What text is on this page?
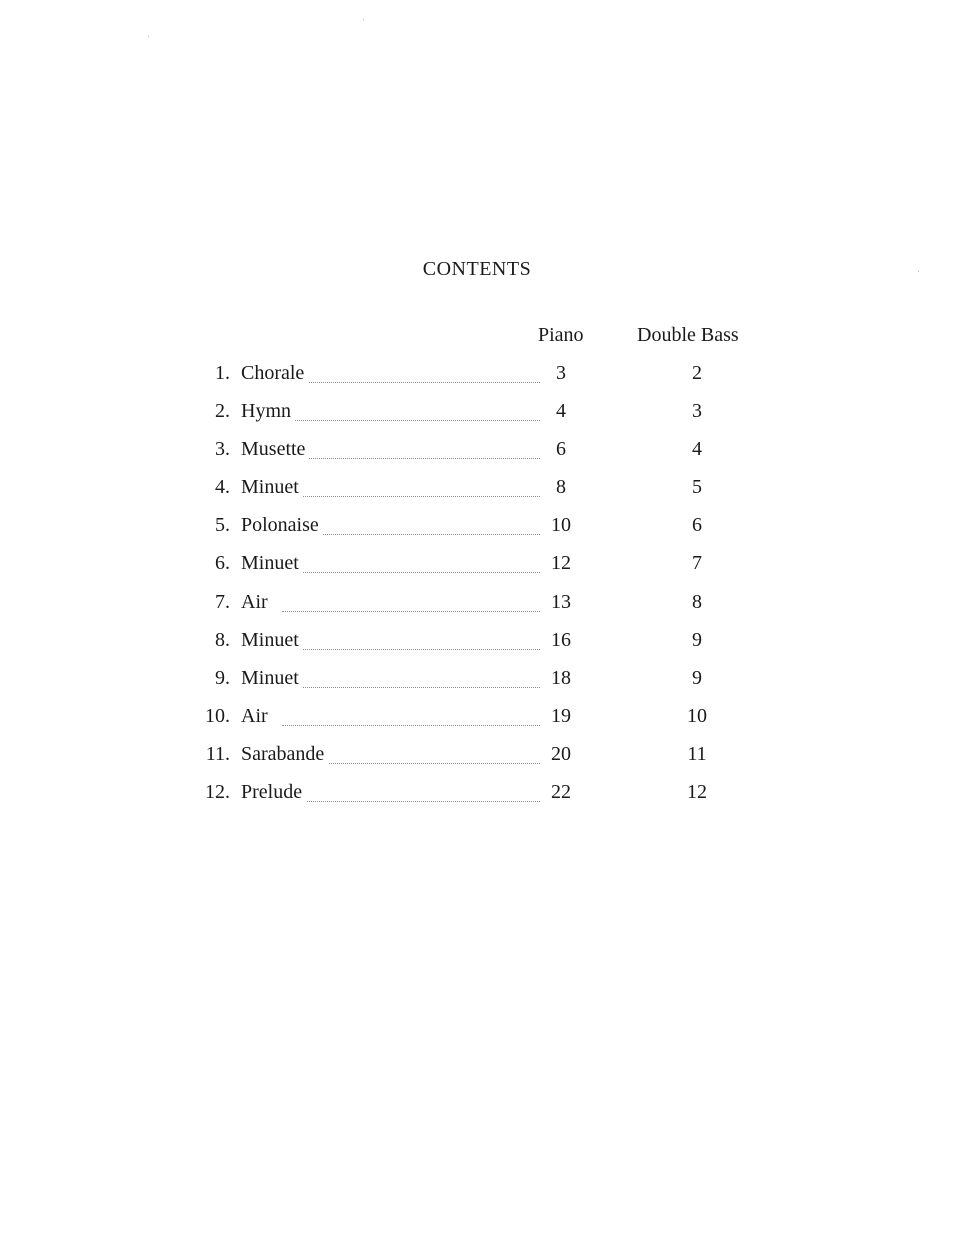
CONTENTS
Piano	Double Bass
1. Chorale	3	2
2. Hymn	4	3
3. Musette	6	4
4. Minuet	8	5
5. Polonaise	10	6
6. Minuet	12	7
7. Air	13	8
8. Minuet	16	9
9. Minuet	18	9
10. Air	19	10
11. Sarabande	20	11
12. Prelude	22	12
